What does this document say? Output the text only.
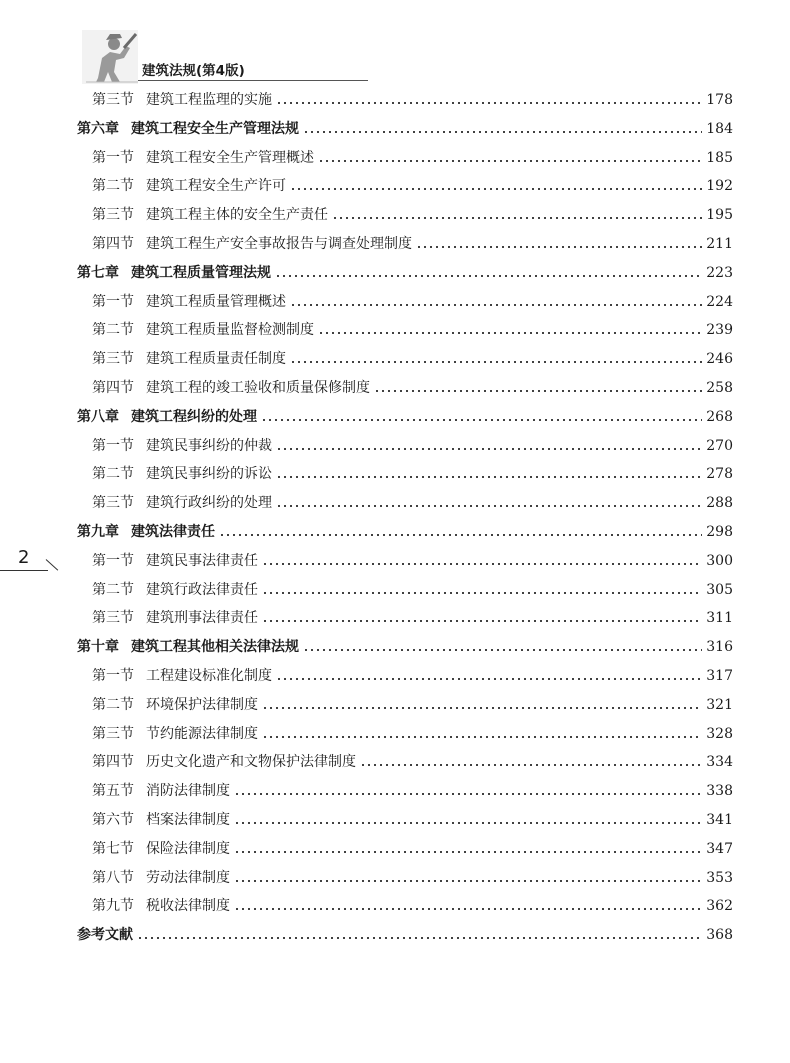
建筑法规(第4版)
第三节 建筑工程监理的实施	178
第六章 建筑工程安全生产管理法规	184
第一节 建筑工程安全生产管理概述	185
第二节 建筑工程安全生产许可	192
第三节 建筑工程主体的安全生产责任	195
第四节 建筑工程生产安全事故报告与调查处理制度	211
第七章 建筑工程质量管理法规	223
第一节 建筑工程质量管理概述	224
第二节 建筑工程质量监督检测制度	239
第三节 建筑工程质量责任制度	246
第四节 建筑工程的竣工验收和质量保修制度	258
第八章 建筑工程纠纷的处理	268
第一节 建筑民事纠纷的仲裁	270
第二节 建筑民事纠纷的诉讼	278
第三节 建筑行政纠纷的处理	288
第九章 建筑法律责任	298
第一节 建筑民事法律责任	300
第二节 建筑行政法律责任	305
第三节 建筑刑事法律责任	311
第十章 建筑工程其他相关法律法规	316
第一节 工程建设标准化制度	317
第二节 环境保护法律制度	321
第三节 节约能源法律制度	328
第四节 历史文化遗产和文物保护法律制度	334
第五节 消防法律制度	338
第六节 档案法律制度	341
第七节 保险法律制度	347
第八节 劳动法律制度	353
第九节 税收法律制度	362
参考文献	368
2
